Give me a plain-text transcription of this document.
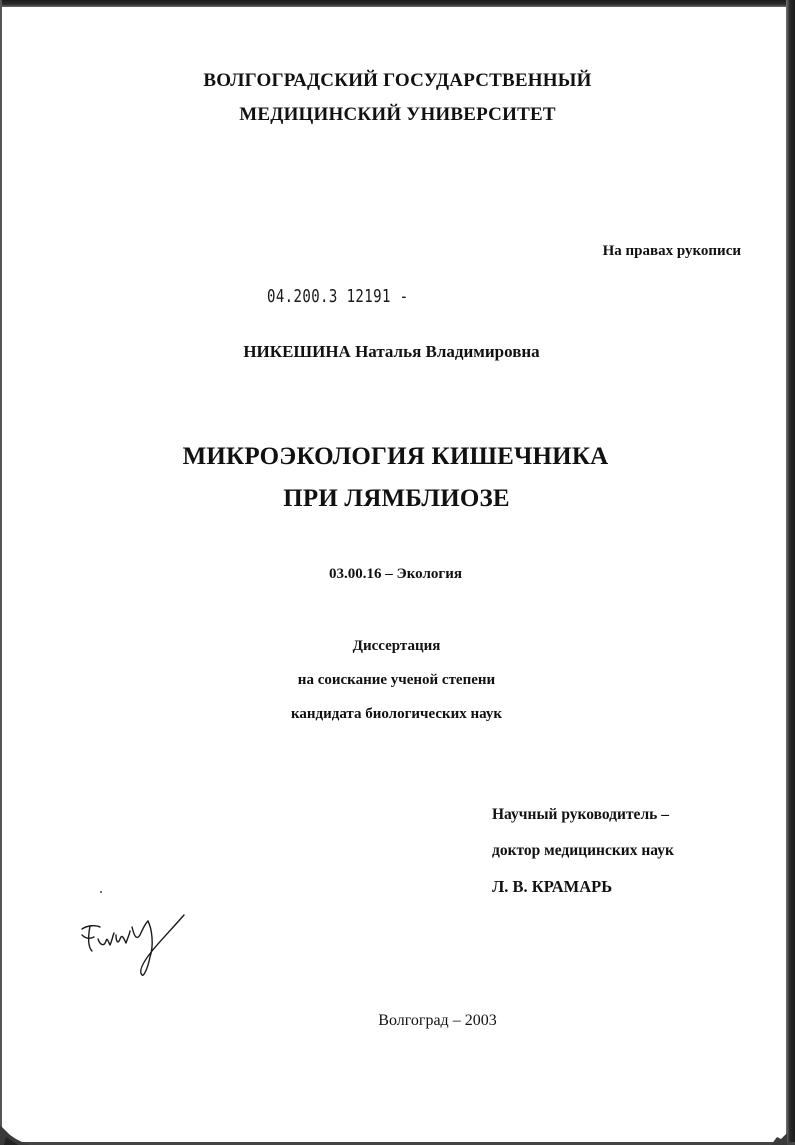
ВОЛГОГРАДСКИЙ ГОСУДАРСТВЕННЫЙ
МЕДИЦИНСКИЙ УНИВЕРСИТЕТ
На правах рукописи
04.200.3 12191 -
НИКЕШИНА Наталья Владимировна
МИКРОЭКОЛОГИЯ КИШЕЧНИКА
ПРИ ЛЯМБЛИОЗЕ
03.00.16 – Экология
Диссертация
на соискание ученой степени
кандидата биологических наук
Научный руководитель –
доктор медицинских наук
Л. В. КРАМАРЬ
Волгоград – 2003
